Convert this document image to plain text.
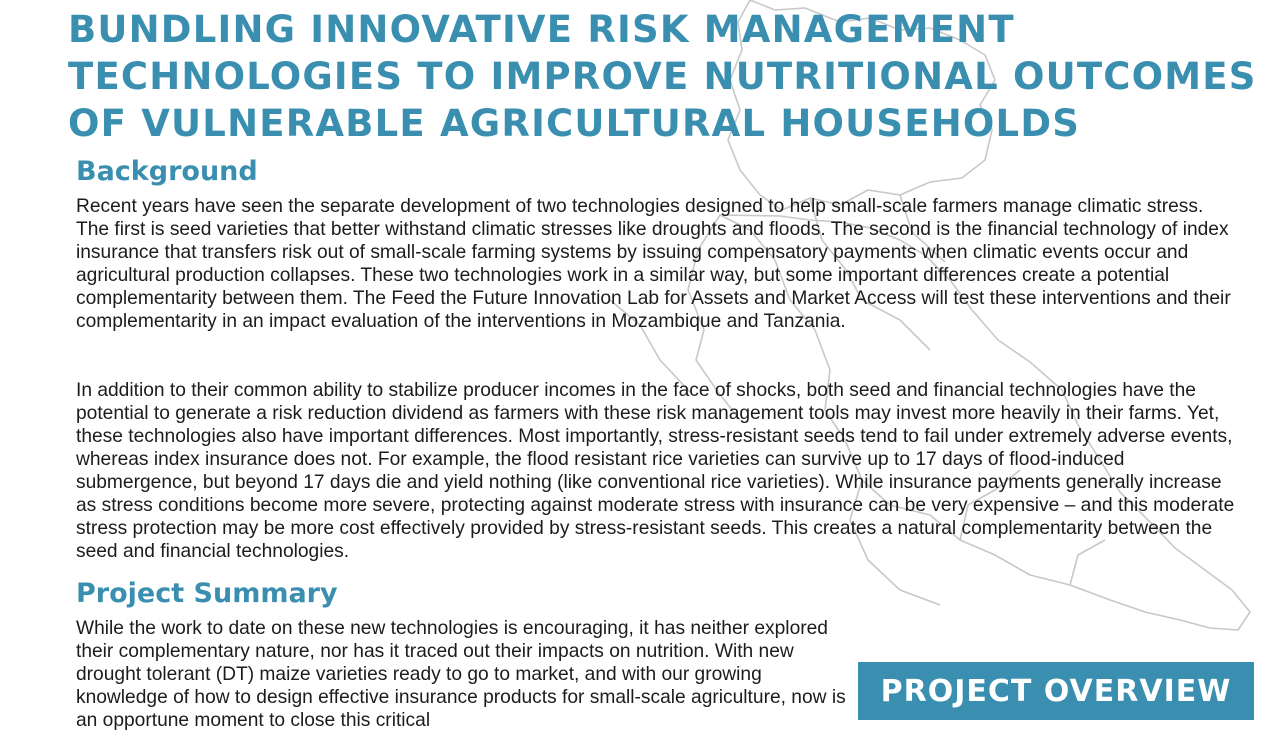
BUNDLING INNOVATIVE RISK MANAGEMENT
TECHNOLOGIES TO IMPROVE NUTRITIONAL OUTCOMES
OF VULNERABLE AGRICULTURAL HOUSEHOLDS
Background

Recent years have seen the separate development of two technologies designed to help small-scale farmers manage climatic stress. The first is seed varieties that better withstand climatic stresses like droughts and floods. The second is the financial technology of index insurance that transfers risk out of small-scale farming systems by issuing compensatory payments when climatic events occur and agricultural production collapses. These two technologies work in a similar way, but some important differences create a potential complementarity between them. The Feed the Future Innovation Lab for Assets and Market Access will test these interventions and their complementarity in an impact evaluation of the interventions in Mozambique and Tanzania.

In addition to their common ability to stabilize producer incomes in the face of shocks, both seed and financial technologies have the potential to generate a risk reduction dividend as farmers with these risk management tools may invest more heavily in their farms. Yet, these technologies also have important differences. Most importantly, stress-resistant seeds tend to fail under extremely adverse events, whereas index insurance does not. For example, the flood resistant rice varieties can survive up to 17 days of flood-induced submergence, but beyond 17 days die and yield nothing (like conventional rice varieties). While insurance payments generally increase as stress conditions become more severe, protecting against moderate stress with insurance can be very expensive – and this moderate stress protection may be more cost effectively provided by stress-resistant seeds. This creates a natural complementarity between the seed and financial technologies.

Project Summary

While the work to date on these new technologies is encouraging, it has neither explored their complementary nature, nor has it traced out their impacts on nutrition. With new drought tolerant (DT) maize varieties ready to go to market, and with our growing knowledge of how to design effective insurance products for small-scale agriculture, now is an opportune moment to close this critical

PROJECT OVERVIEW
